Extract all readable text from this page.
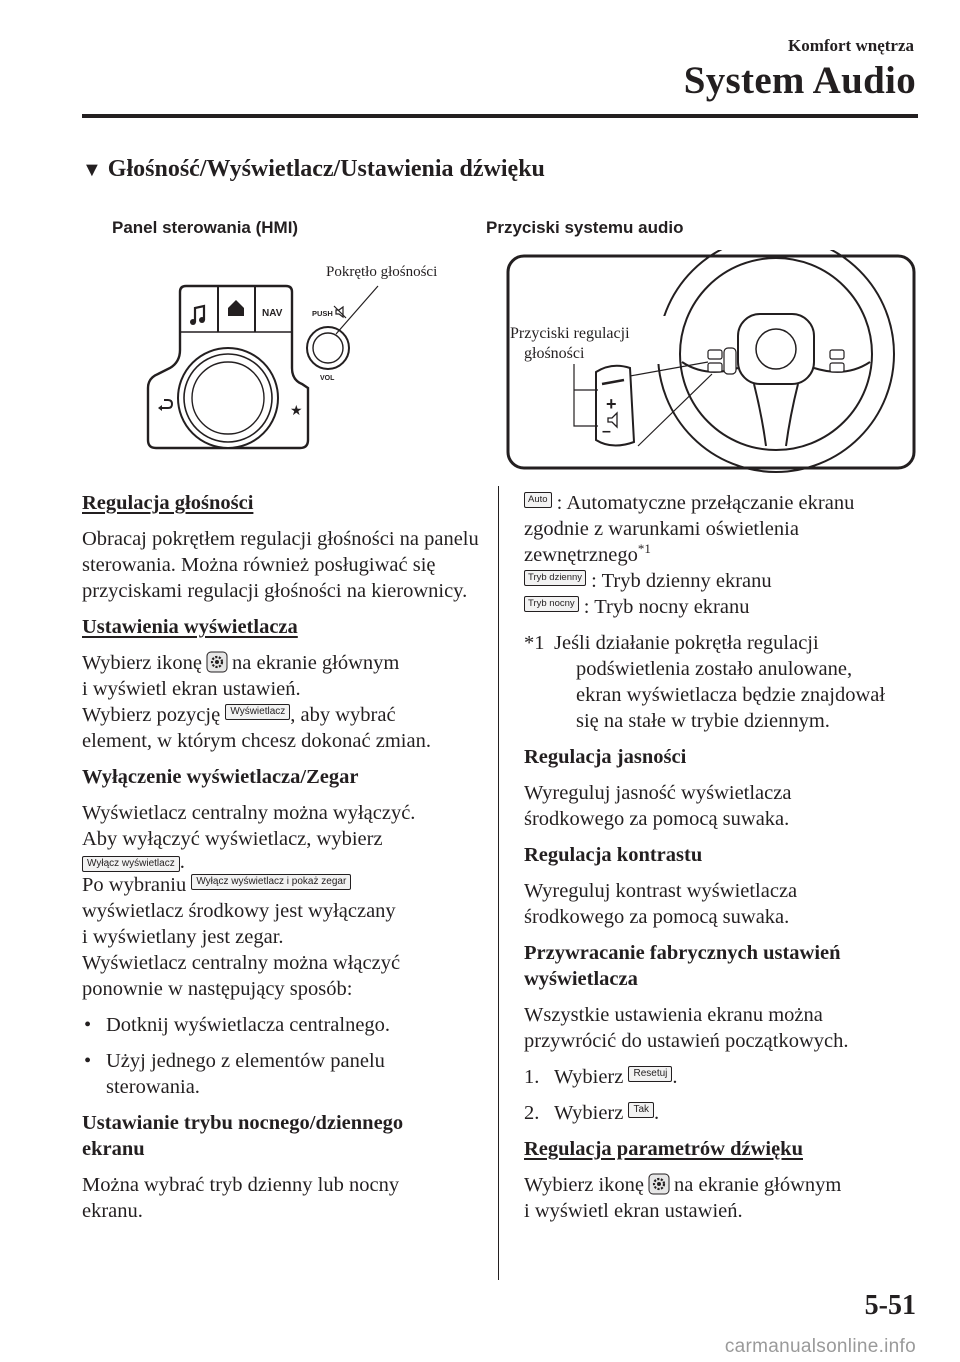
Komfort wnętrza
System Audio
▼ Głośność/Wyświetlacz/Ustawienia dźwięku
Panel sterowania (HMI)	Przyciski systemu audio
NAV
★
PUSH
VOL
Pokrętło głośności
+
–
Przyciski regulacji
głośności

Regulacja głośności

Obracaj pokrętłem regulacji głośności na panelu sterowania. Można również posługiwać się przyciskami regulacji głośności na kierownicy.

Ustawienia wyświetlacza

Wybierz ikonę na ekranie głównym

i wyświetl ekran ustawień.

Wybierz pozycję Wyświetlacz , aby wybrać

element, w którym chcesz dokonać zmian.

Wyłączenie wyświetlacza/Zegar

Wyświetlacz centralny można wyłączyć.

Aby wyłączyć wyświetlacz, wybierz

Wyłącz wyświetlacz .

Po wybraniu Wyłącz wyświetlacz i pokaż zegar

wyświetlacz środkowy jest wyłączany

i wyświetlany jest zegar.

Wyświetlacz centralny można włączyć

ponownie w następujący sposób:

• Dotknij wyświetlacza centralnego.
• Użyj jednego z elementów panelu
sterowania.

Ustawianie trybu nocnego/dziennego
ekranu

Można wybrać tryb dzienny lub nocny
ekranu.

Auto : Automatyczne przełączanie ekranu

zgodnie z warunkami oświetlenia

zewnętrznego$^{*1}$

Tryb dzienny : Tryb dzienny ekranu

Tryb nocny : Tryb nocny ekranu

*1 Jeśli działanie pokrętła regulacji
podświetlenia zostało anulowane,
ekran wyświetlacza będzie znajdował
się na stałe w trybie dziennym.

Regulacja jasności

Wyreguluj jasność wyświetlacza
środkowego za pomocą suwaka.

Regulacja kontrastu

Wyreguluj kontrast wyświetlacza
środkowego za pomocą suwaka.

Przywracanie fabrycznych ustawień
wyświetlacza

Wszystkie ustawienia ekranu można
przywrócić do ustawień początkowych.

1. Wybierz Resetuj .
2. Wybierz Tak .

Regulacja parametrów dźwięku

Wybierz ikonę na ekranie głównym

i wyświetl ekran ustawień.

5-51
carmanualsonline.info
